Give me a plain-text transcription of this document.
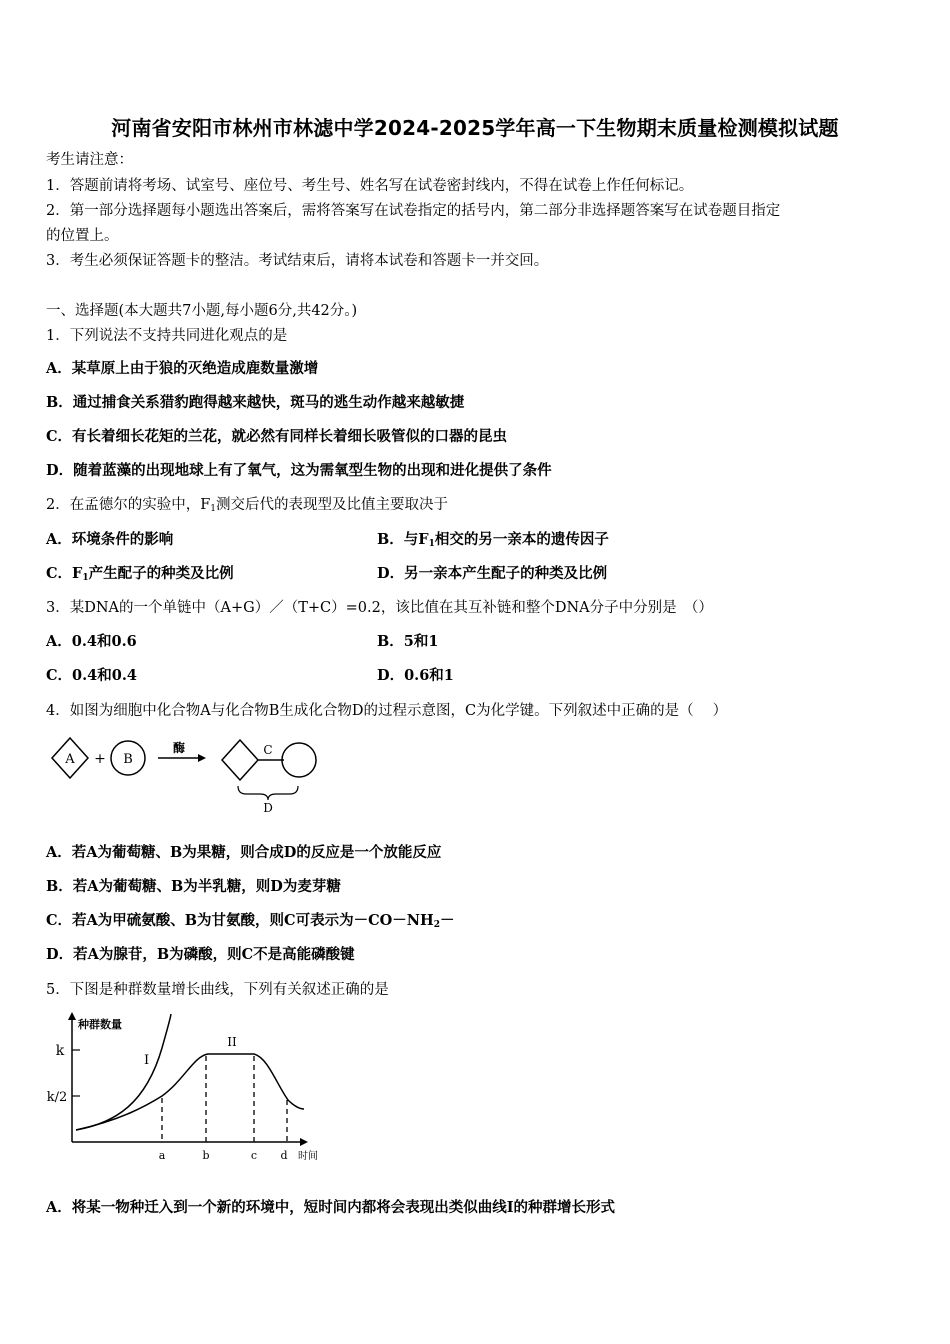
河南省安阳市林州市林滤中学2024-2025学年高一下生物期末质量检测模拟试题
考生请注意：
1．答题前请将考场、试室号、座位号、考生号、姓名写在试卷密封线内，不得在试卷上作任何标记。
2．第一部分选择题每小题选出答案后，需将答案写在试卷指定的括号内，第二部分非选择题答案写在试卷题目指定
的位置上。
3．考生必须保证答题卡的整洁。考试结束后，请将本试卷和答题卡一并交回。
一、选择题(本大题共7小题,每小题6分,共42分。)
1．下列说法不支持共同进化观点的是
A．某草原上由于狼的灭绝造成鹿数量激增
B．通过捕食关系猎豹跑得越来越快，斑马的逃生动作越来越敏捷
C．有长着细长花矩的兰花，就必然有同样长着细长吸管似的口器的昆虫
D．随着蓝藻的出现地球上有了氧气，这为需氧型生物的出现和进化提供了条件
2．在孟德尔的实验中，$F_1$测交后代的表现型及比值主要取决于
A．环境条件的影响	B．与$F_1$相交的另一亲本的遗传因子
C．$F_1$产生配子的种类及比例	D．另一亲本产生配子的种类及比例
3．某DNA的一个单链中（A+G）／（T+C）=0.2，该比值在其互补链和整个DNA分子中分别是　（）
A．0.4和0.6	B．5和1
C．0.4和0.4	D．0.6和1
4．如图为细胞中化合物A与化合物B生成化合物D的过程示意图，C为化学键。下列叙述中正确的是（　 ）
A + B
酶	C
D
A．若A为葡萄糖、B为果糖，则合成D的反应是一个放能反应
B．若A为葡萄糖、B为半乳糖，则D为麦芽糖
C．若A为甲硫氨酸、B为甘氨酸，则C可表示为$-CO-NH_2-$
D．若A为腺苷，B为磷酸，则C不是高能磷酸键
5．下图是种群数量增长曲线，下列有关叙述正确的是
种群数量
时间
k
k/2
I
II
a	b	c d
A．将某一物种迁入到一个新的环境中，短时间内都将会表现出类似曲线Ⅰ的种群增长形式
